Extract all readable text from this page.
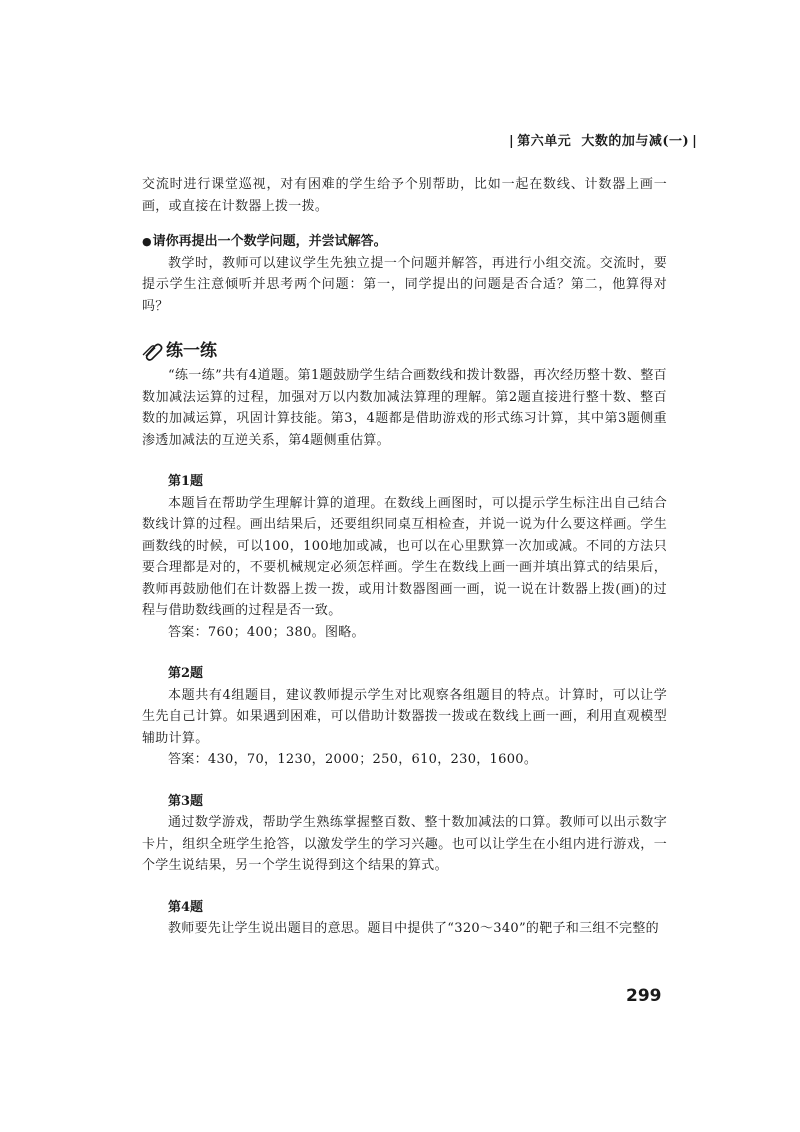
| 第六单元 大数的加与减(一) |

交流时进行课堂巡视，对有困难的学生给予个别帮助，比如一起在数线、计数器上画一画，或直接在计数器上拨一拨。

●请你再提出一个数学问题，并尝试解答。

教学时，教师可以建议学生先独立提一个问题并解答，再进行小组交流。交流时，要提示学生注意倾听并思考两个问题：第一，同学提出的问题是否合适？第二，他算得对吗？

练一练

“练一练”共有4道题。第1题鼓励学生结合画数线和拨计数器，再次经历整十数、整百数加减法运算的过程，加强对万以内数加减法算理的理解。第2题直接进行整十数、整百数的加减运算，巩固计算技能。第3，4题都是借助游戏的形式练习计算，其中第3题侧重渗透加减法的互逆关系，第4题侧重估算。

第1题

本题旨在帮助学生理解计算的道理。在数线上画图时，可以提示学生标注出自己结合数线计算的过程。画出结果后，还要组织同桌互相检查，并说一说为什么要这样画。学生画数线的时候，可以100，100地加或减，也可以在心里默算一次加或减。不同的方法只要合理都是对的，不要机械规定必须怎样画。学生在数线上画一画并填出算式的结果后，教师再鼓励他们在计数器上拨一拨，或用计数器图画一画，说一说在计数器上拨(画)的过程与借助数线画的过程是否一致。

答案：760；400；380。图略。

第2题

本题共有4组题目，建议教师提示学生对比观察各组题目的特点。计算时，可以让学生先自己计算。如果遇到困难，可以借助计数器拨一拨或在数线上画一画，利用直观模型辅助计算。

答案：430，70，1230，2000；250，610，230，1600。

第3题

通过数学游戏，帮助学生熟练掌握整百数、整十数加减法的口算。教师可以出示数字卡片，组织全班学生抢答，以激发学生的学习兴趣。也可以让学生在小组内进行游戏，一个学生说结果，另一个学生说得到这个结果的算式。

第4题

教师要先让学生说出题目的意思。题目中提供了“320～340”的靶子和三组不完整的

299
